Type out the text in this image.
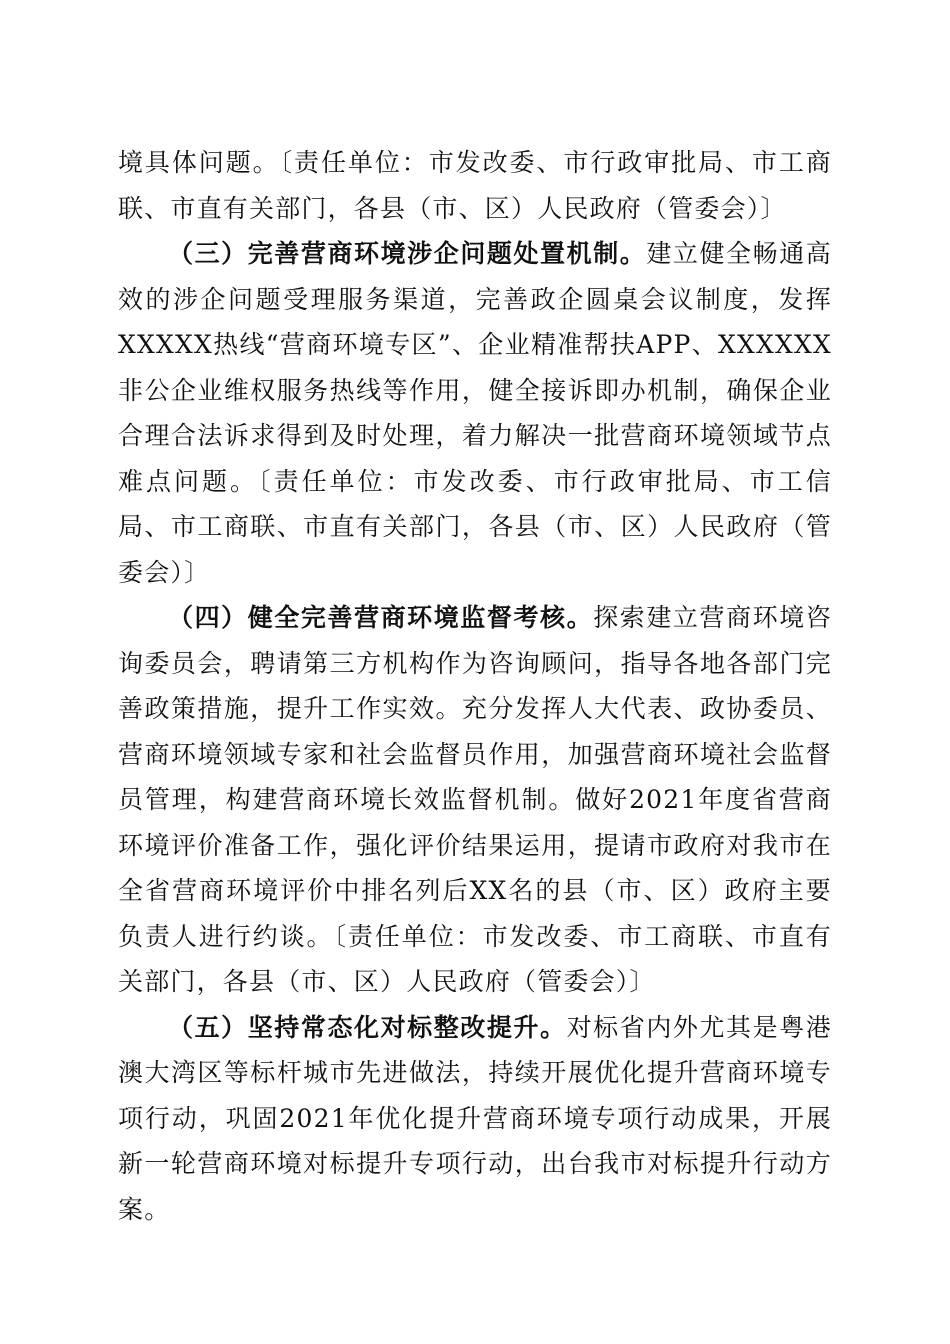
境具体问题。〔责任单位：市发改委、市行政审批局、市工商联、市直有关部门，各县（市、区）人民政府（管委会）〕

（三）完善营商环境涉企问题处置机制。建立健全畅通高效的涉企问题受理服务渠道，完善政企圆桌会议制度，发挥XXXXX热线“营商环境专区”、企业精准帮扶APP、XXXXXX非公企业维权服务热线等作用，健全接诉即办机制，确保企业合理合法诉求得到及时处理，着力解决一批营商环境领域节点难点问题。〔责任单位：市发改委、市行政审批局、市工信局、市工商联、市直有关部门，各县（市、区）人民政府（管委会）〕

（四）健全完善营商环境监督考核。探索建立营商环境咨询委员会，聘请第三方机构作为咨询顾问，指导各地各部门完善政策措施，提升工作实效。充分发挥人大代表、政协委员、营商环境领域专家和社会监督员作用，加强营商环境社会监督员管理，构建营商环境长效监督机制。做好2021年度省营商环境评价准备工作，强化评价结果运用，提请市政府对我市在全省营商环境评价中排名列后XX名的县（市、区）政府主要负责人进行约谈。〔责任单位：市发改委、市工商联、市直有关部门，各县（市、区）人民政府（管委会）〕

（五）坚持常态化对标整改提升。对标省内外尤其是粤港澳大湾区等标杆城市先进做法，持续开展优化提升营商环境专项行动，巩固2021年优化提升营商环境专项行动成果，开展新一轮营商环境对标提升专项行动，出台我市对标提升行动方案。
